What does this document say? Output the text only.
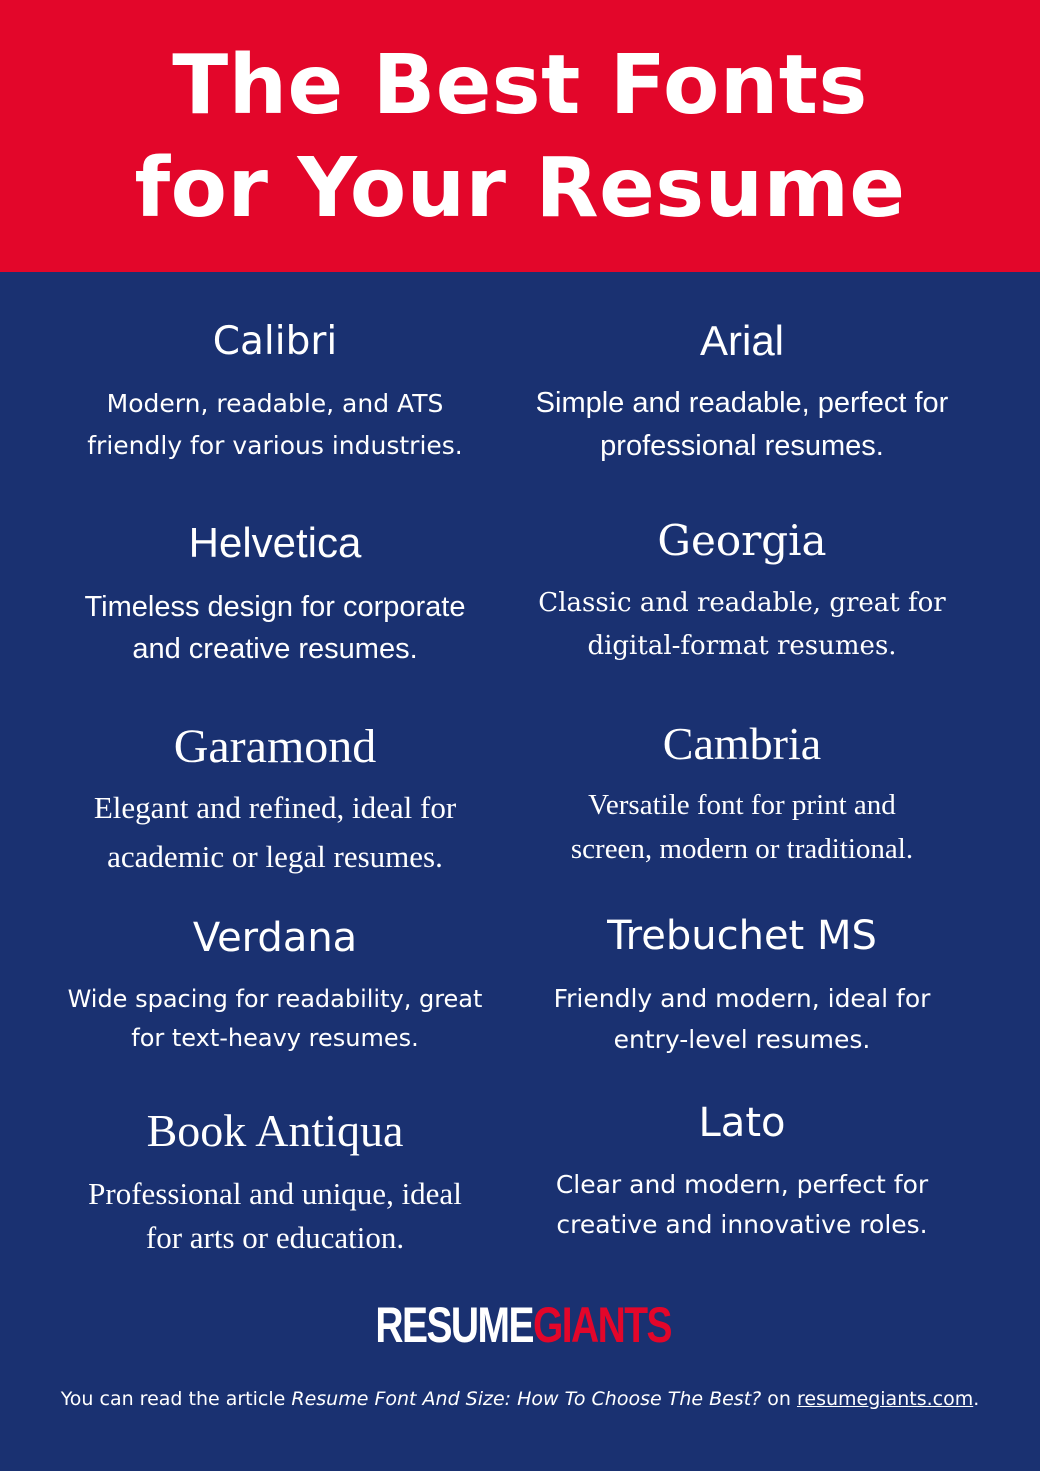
The Best Fonts
for Your Resume
Calibri
Modern, readable, and ATS
friendly for various industries.
Arial
Simple and readable, perfect for
professional resumes.
Helvetica
Timeless design for corporate
and creative resumes.
Georgia
Classic and readable, great for
digital-format resumes.
Garamond
Elegant and refined, ideal for
academic or legal resumes.
Cambria
Versatile font for print and
screen, modern or traditional.
Verdana
Wide spacing for readability, great
for text-heavy resumes.
Trebuchet MS
Friendly and modern, ideal for
entry-level resumes.
Book Antiqua
Professional and unique, ideal
for arts or education.
Lato
Clear and modern, perfect for
creative and innovative roles.
RESUMEGIANTS
You can read the article Resume Font And Size: How To Choose The Best? on resumegiants.com.
